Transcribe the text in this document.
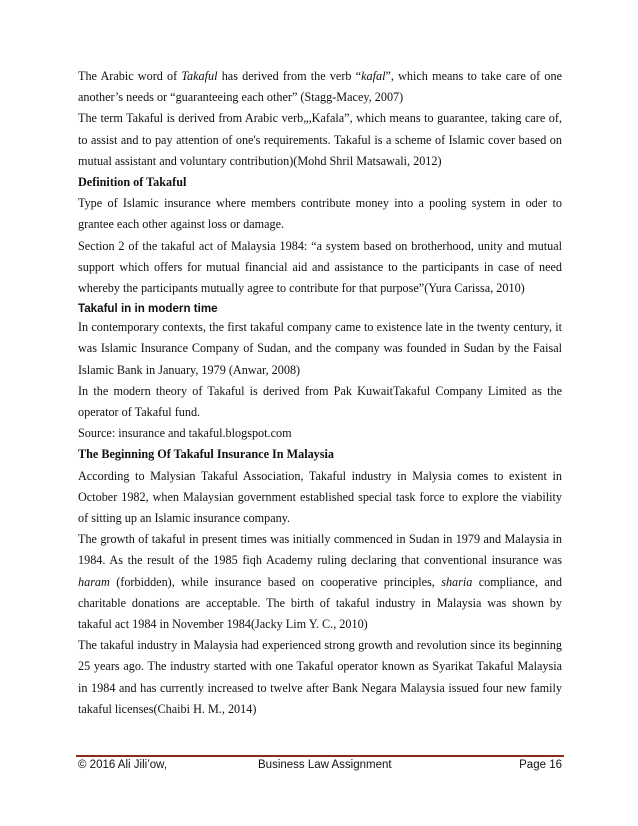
The Arabic word of Takaful has derived from the verb “kafal”, which means to take care of one another’s needs or “guaranteeing each other” (Stagg-Macey, 2007)

The term Takaful is derived from Arabic verb„,Kafala”, which means to guarantee, taking care of, to assist and to pay attention of one's requirements. Takaful is a scheme of Islamic cover based on mutual assistant and voluntary contribution)(Mohd Shril Matsawali, 2012)

Definition of Takaful

Type of Islamic insurance where members contribute money into a pooling system in oder to grantee each other against loss or damage.

Section 2 of the takaful act of Malaysia 1984: “a system based on brotherhood, unity and mutual support which offers for mutual financial aid and assistance to the participants in case of need whereby the participants mutually agree to contribute for that purpose”(Yura Carissa, 2010)

Takaful in in modern time

In contemporary contexts, the first takaful company came to existence late in the twenty century, it was Islamic Insurance Company of Sudan, and the company was founded in Sudan by the Faisal Islamic Bank in January, 1979 (Anwar, 2008)

In the modern theory of Takaful is derived from Pak KuwaitTakaful Company Limited as the operator of Takaful fund.

Source: insurance and takaful.blogspot.com

The Beginning Of Takaful Insurance In Malaysia

According to Malysian Takaful Association, Takaful industry in Malysia comes to existent in October 1982, when Malaysian government established special task force to explore the viability of sitting up an Islamic insurance company.

The growth of takaful in present times was initially commenced in Sudan in 1979 and Malaysia in 1984. As the result of the 1985 fiqh Academy ruling declaring that conventional insurance was haram (forbidden), while insurance based on cooperative principles, sharia compliance, and charitable donations are acceptable. The birth of takaful industry in Malaysia was shown by takaful act 1984 in November 1984(Jacky Lim Y. C., 2010)

The takaful industry in Malaysia had experienced strong growth and revolution since its beginning 25 years ago. The industry started with one Takaful operator known as Syarikat Takaful Malaysia in 1984 and has currently increased to twelve after Bank Negara Malaysia issued four new family takaful licenses(Chaibi H. M., 2014)

© 2016 Ali Jili’ow,	Business Law Assignment	Page 16
